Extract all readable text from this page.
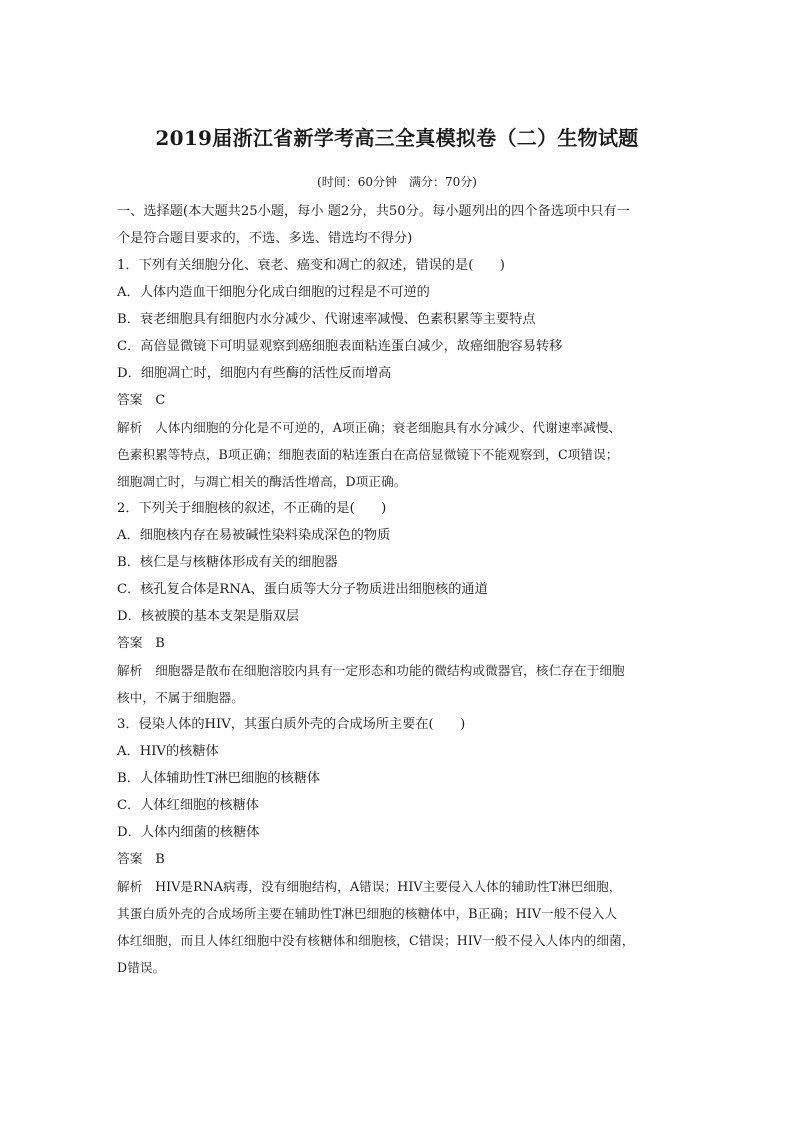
2019届浙江省新学考高三全真模拟卷（二）生物试题
(时间：60分钟　满分：70分)
一、选择题(本大题共25小题，每小 题2分，共50分。每小题列出的四个备选项中只有一
个是符合题目要求的，不选、多选、错选均不得分)
1．下列有关细胞分化、衰老、癌变和凋亡的叙述，错误的是(　　)
A．人体内造血干细胞分化成白细胞的过程是不可逆的
B．衰老细胞具有细胞内水分减少、代谢速率减慢、色素积累等主要特点
C．高倍显微镜下可明显观察到癌细胞表面粘连蛋白减少，故癌细胞容易转移
D．细胞凋亡时，细胞内有些酶的活性反而增高
答案　C
解析　人体内细胞的分化是不可逆的，A项正确；衰老细胞具有水分减少、代谢速率减慢、
色素积累等特点，B项正确；细胞表面的粘连蛋白在高倍显微镜下不能观察到，C项错误；
细胞凋亡时，与凋亡相关的酶活性增高，D项正确。
2．下列关于细胞核的叙述，不正确的是(　　)
A．细胞核内存在易被碱性染料染成深色的物质
B．核仁是与核糖体形成有关的细胞器
C．核孔复合体是RNA、蛋白质等大分子物质进出细胞核的通道
D．核被膜的基本支架是脂双层
答案　B
解析　细胞器是散布在细胞溶胶内具有一定形态和功能的微结构或微器官，核仁存在于细胞
核中，不属于细胞器。
3．侵染人体的HIV，其蛋白质外壳的合成场所主要在(　　)
A．HIV的核糖体
B．人体辅助性T淋巴细胞的核糖体
C．人体红细胞的核糖体
D．人体内细菌的核糖体
答案　B
解析　HIV是RNA病毒，没有细胞结构，A错误；HIV主要侵入人体的辅助性T淋巴细胞，
其蛋白质外壳的合成场所主要在辅助性T淋巴细胞的核糖体中，B正确；HIV一般不侵入人
体红细胞，而且人体红细胞中没有核糖体和细胞核，C错误；HIV一般不侵入人体内的细菌，
D错误。
